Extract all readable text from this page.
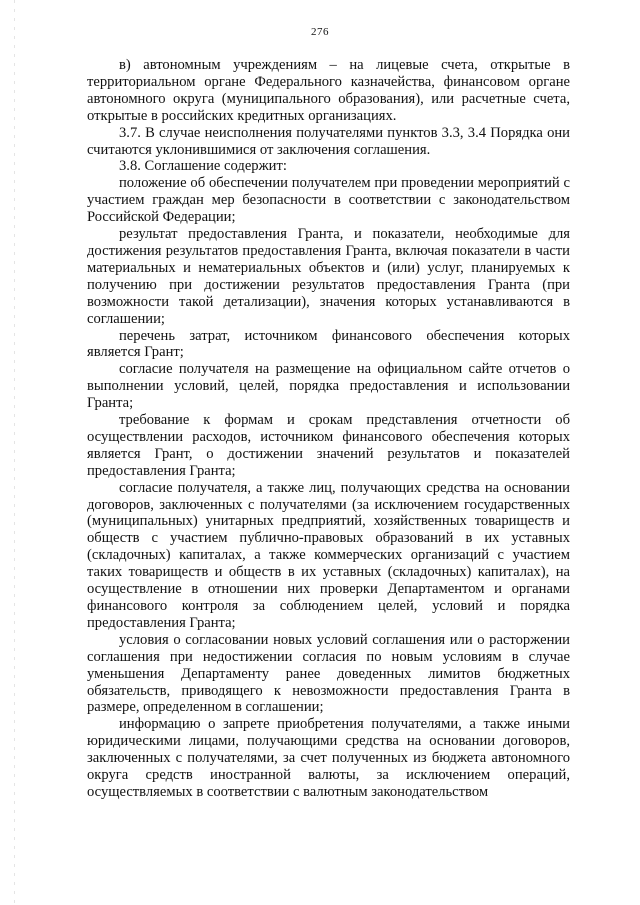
276

в) автономным учреждениям – на лицевые счета, открытые в территориальном органе Федерального казначейства, финансовом органе автономного округа (муниципального образования), или расчетные счета, открытые в российских кредитных организациях.

3.7. В случае неисполнения получателями пунктов 3.3, 3.4 Порядка они считаются уклонившимися от заключения соглашения.

3.8. Соглашение содержит:

положение об обеспечении получателем при проведении мероприятий с участием граждан мер безопасности в соответствии с законодательством Российской Федерации;

результат предоставления Гранта, и показатели, необходимые для достижения результатов предоставления Гранта, включая показатели в части материальных и нематериальных объектов и (или) услуг, планируемых к получению при достижении результатов предоставления Гранта (при возможности такой детализации), значения которых устанавливаются в соглашении;

перечень затрат, источником финансового обеспечения которых является Грант;

согласие получателя на размещение на официальном сайте отчетов о выполнении условий, целей, порядка предоставления и использовании Гранта;

требование к формам и срокам представления отчетности об осуществлении расходов, источником финансового обеспечения которых является Грант, о достижении значений результатов и показателей предоставления Гранта;

согласие получателя, а также лиц, получающих средства на основании договоров, заключенных с получателями (за исключением государственных (муниципальных) унитарных предприятий, хозяйственных товариществ и обществ с участием публично-правовых образований в их уставных (складочных) капиталах, а также коммерческих организаций с участием таких товариществ и обществ в их уставных (складочных) капиталах), на осуществление в отношении них проверки Департаментом и органами финансового контроля за соблюдением целей, условий и порядка предоставления Гранта;

условия о согласовании новых условий соглашения или о расторжении соглашения при недостижении согласия по новым условиям в случае уменьшения Департаменту ранее доведенных лимитов бюджетных обязательств, приводящего к невозможности предоставления Гранта в размере, определенном в соглашении;

информацию о запрете приобретения получателями, а также иными юридическими лицами, получающими средства на основании договоров, заключенных с получателями, за счет полученных из бюджета автономного округа средств иностранной валюты, за исключением операций, осуществляемых в соответствии с валютным законодательством
